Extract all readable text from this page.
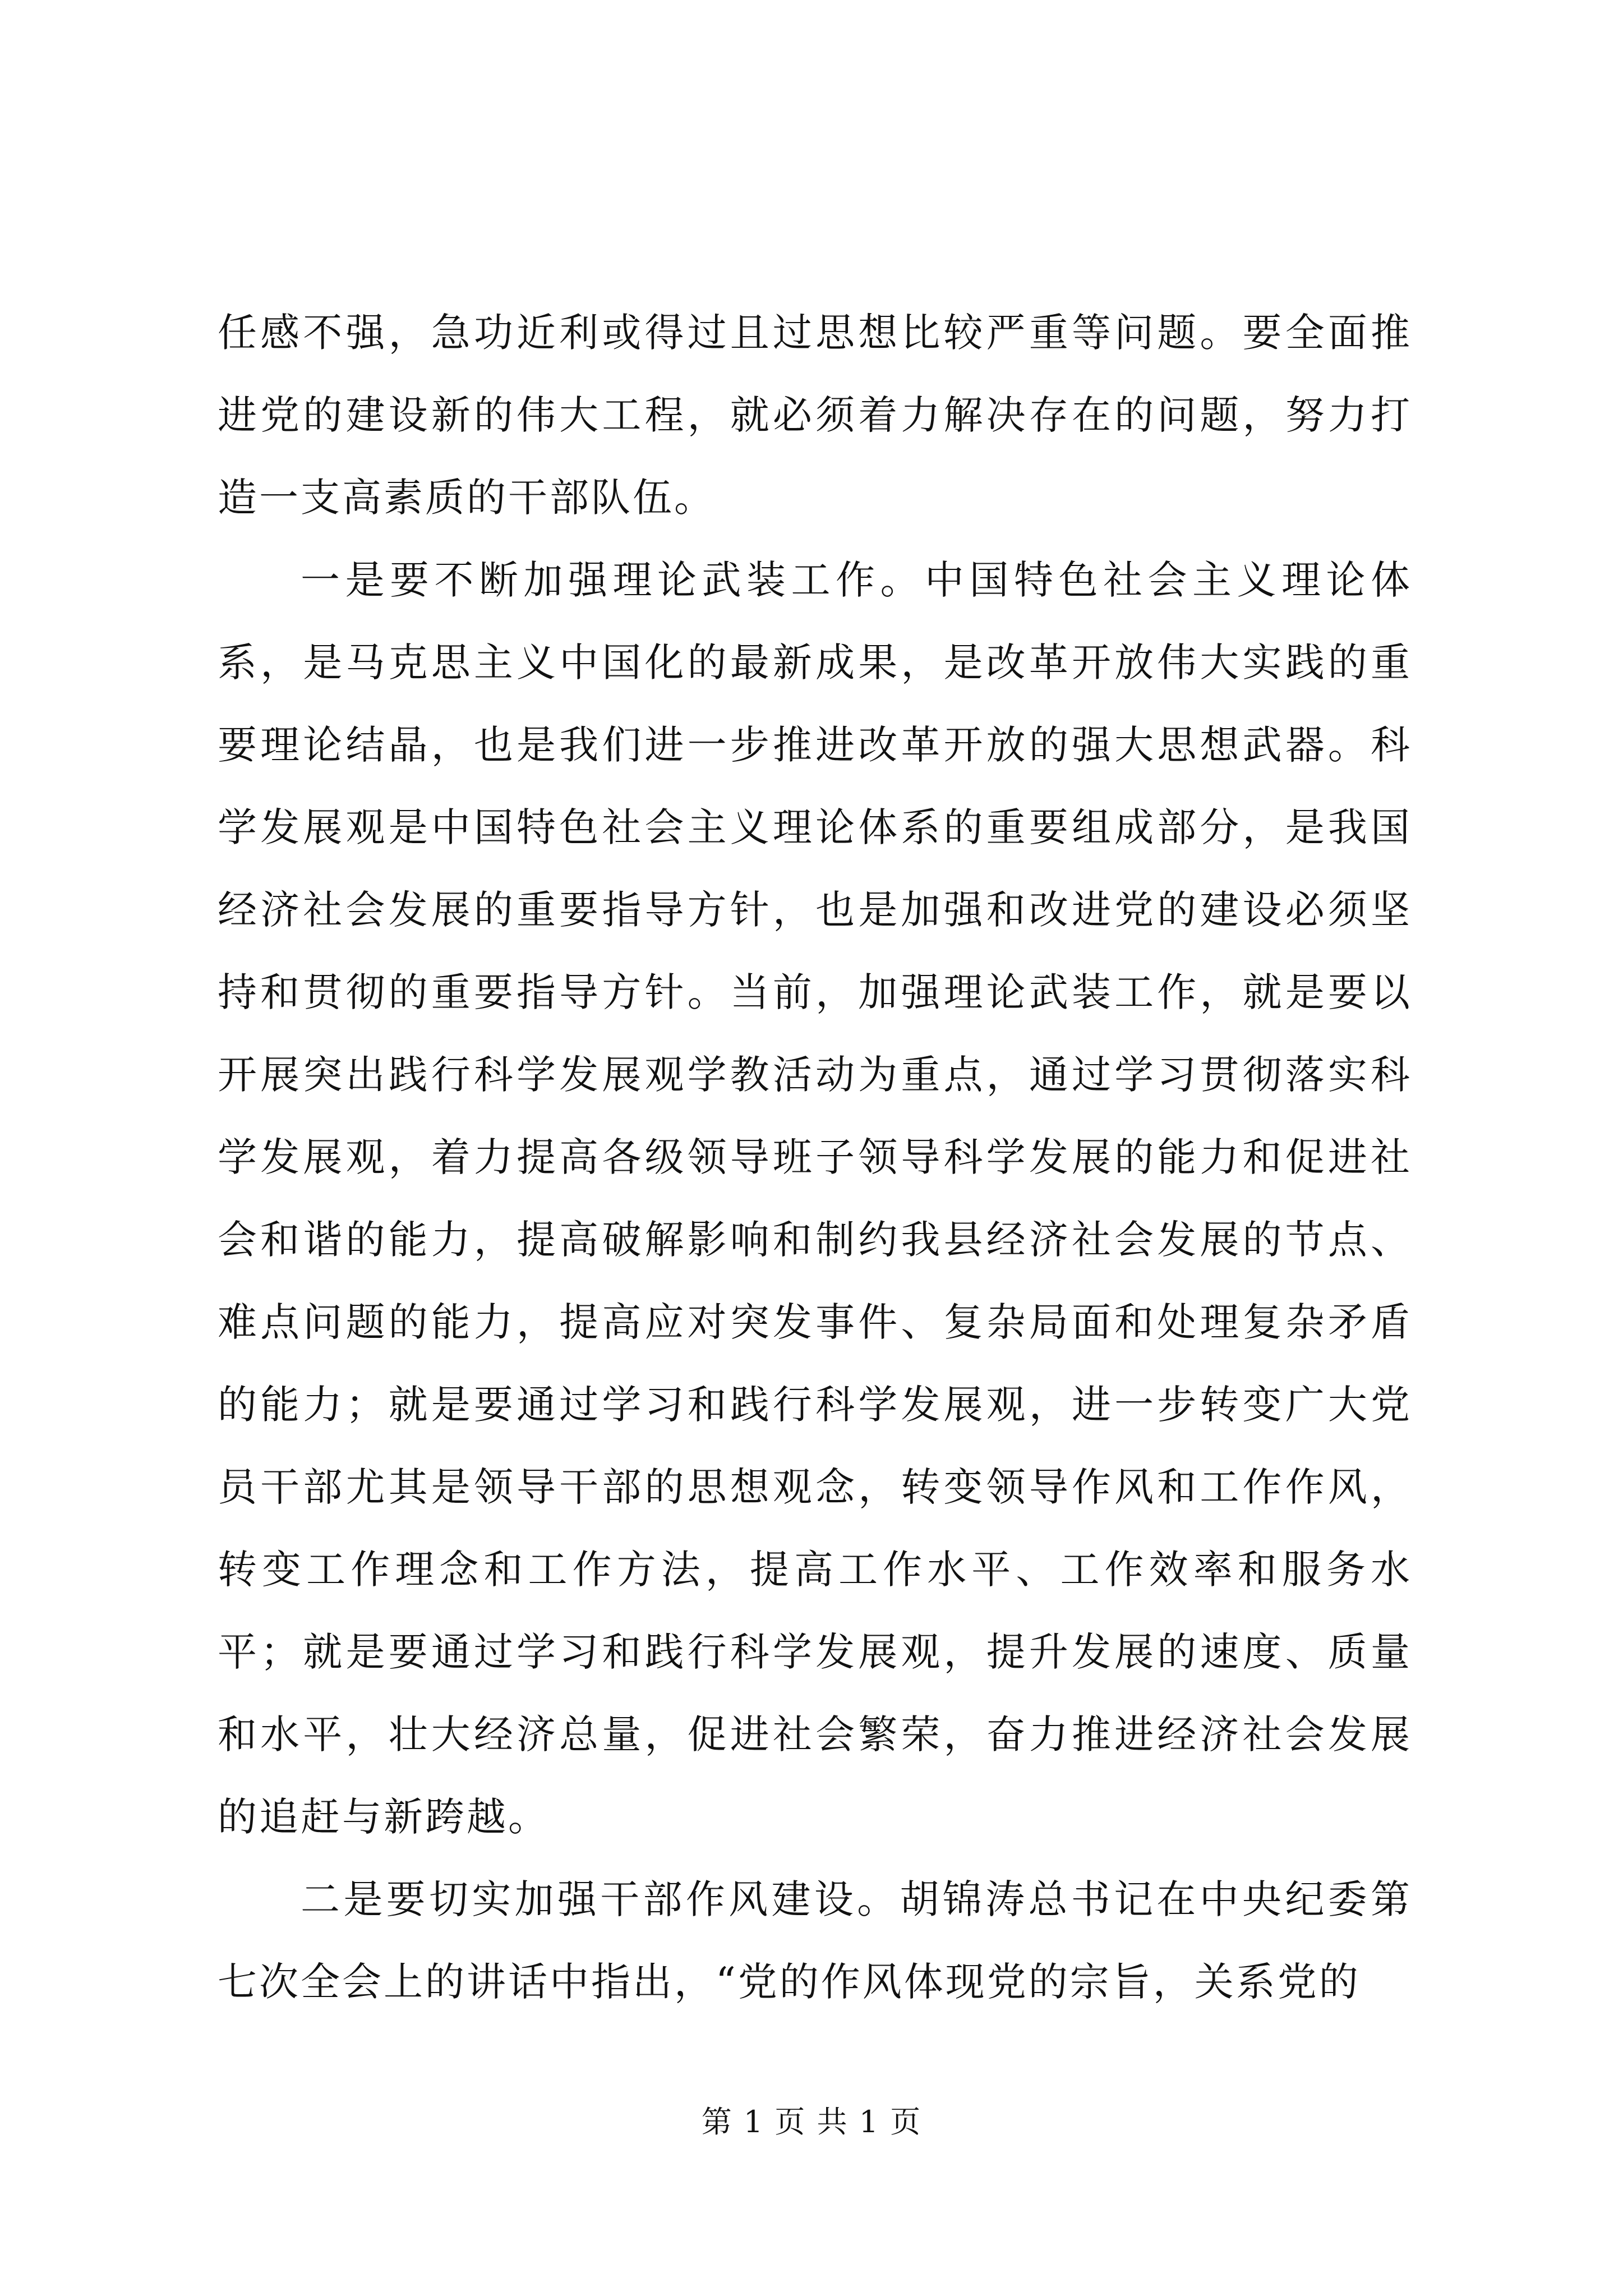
任感不强，急功近利或得过且过思想比较严重等问题。要全面推进党的建设新的伟大工程，就必须着力解决存在的问题，努力打造一支高素质的干部队伍。

一是要不断加强理论武装工作。中国特色社会主义理论体系，是马克思主义中国化的最新成果，是改革开放伟大实践的重要理论结晶，也是我们进一步推进改革开放的强大思想武器。科学发展观是中国特色社会主义理论体系的重要组成部分，是我国经济社会发展的重要指导方针，也是加强和改进党的建设必须坚持和贯彻的重要指导方针。当前，加强理论武装工作，就是要以开展突出践行科学发展观学教活动为重点，通过学习贯彻落实科学发展观，着力提高各级领导班子领导科学发展的能力和促进社会和谐的能力，提高破解影响和制约我县经济社会发展的节点、难点问题的能力，提高应对突发事件、复杂局面和处理复杂矛盾的能力；就是要通过学习和践行科学发展观，进一步转变广大党员干部尤其是领导干部的思想观念，转变领导作风和工作作风，转变工作理念和工作方法，提高工作水平、工作效率和服务水平；就是要通过学习和践行科学发展观，提升发展的速度、质量和水平，壮大经济总量，促进社会繁荣，奋力推进经济社会发展的追赶与新跨越。

二是要切实加强干部作风建设。胡锦涛总书记在中央纪委第七次全会上的讲话中指出，“党的作风体现党的宗旨，关系党的

第 1 页 共 1 页
